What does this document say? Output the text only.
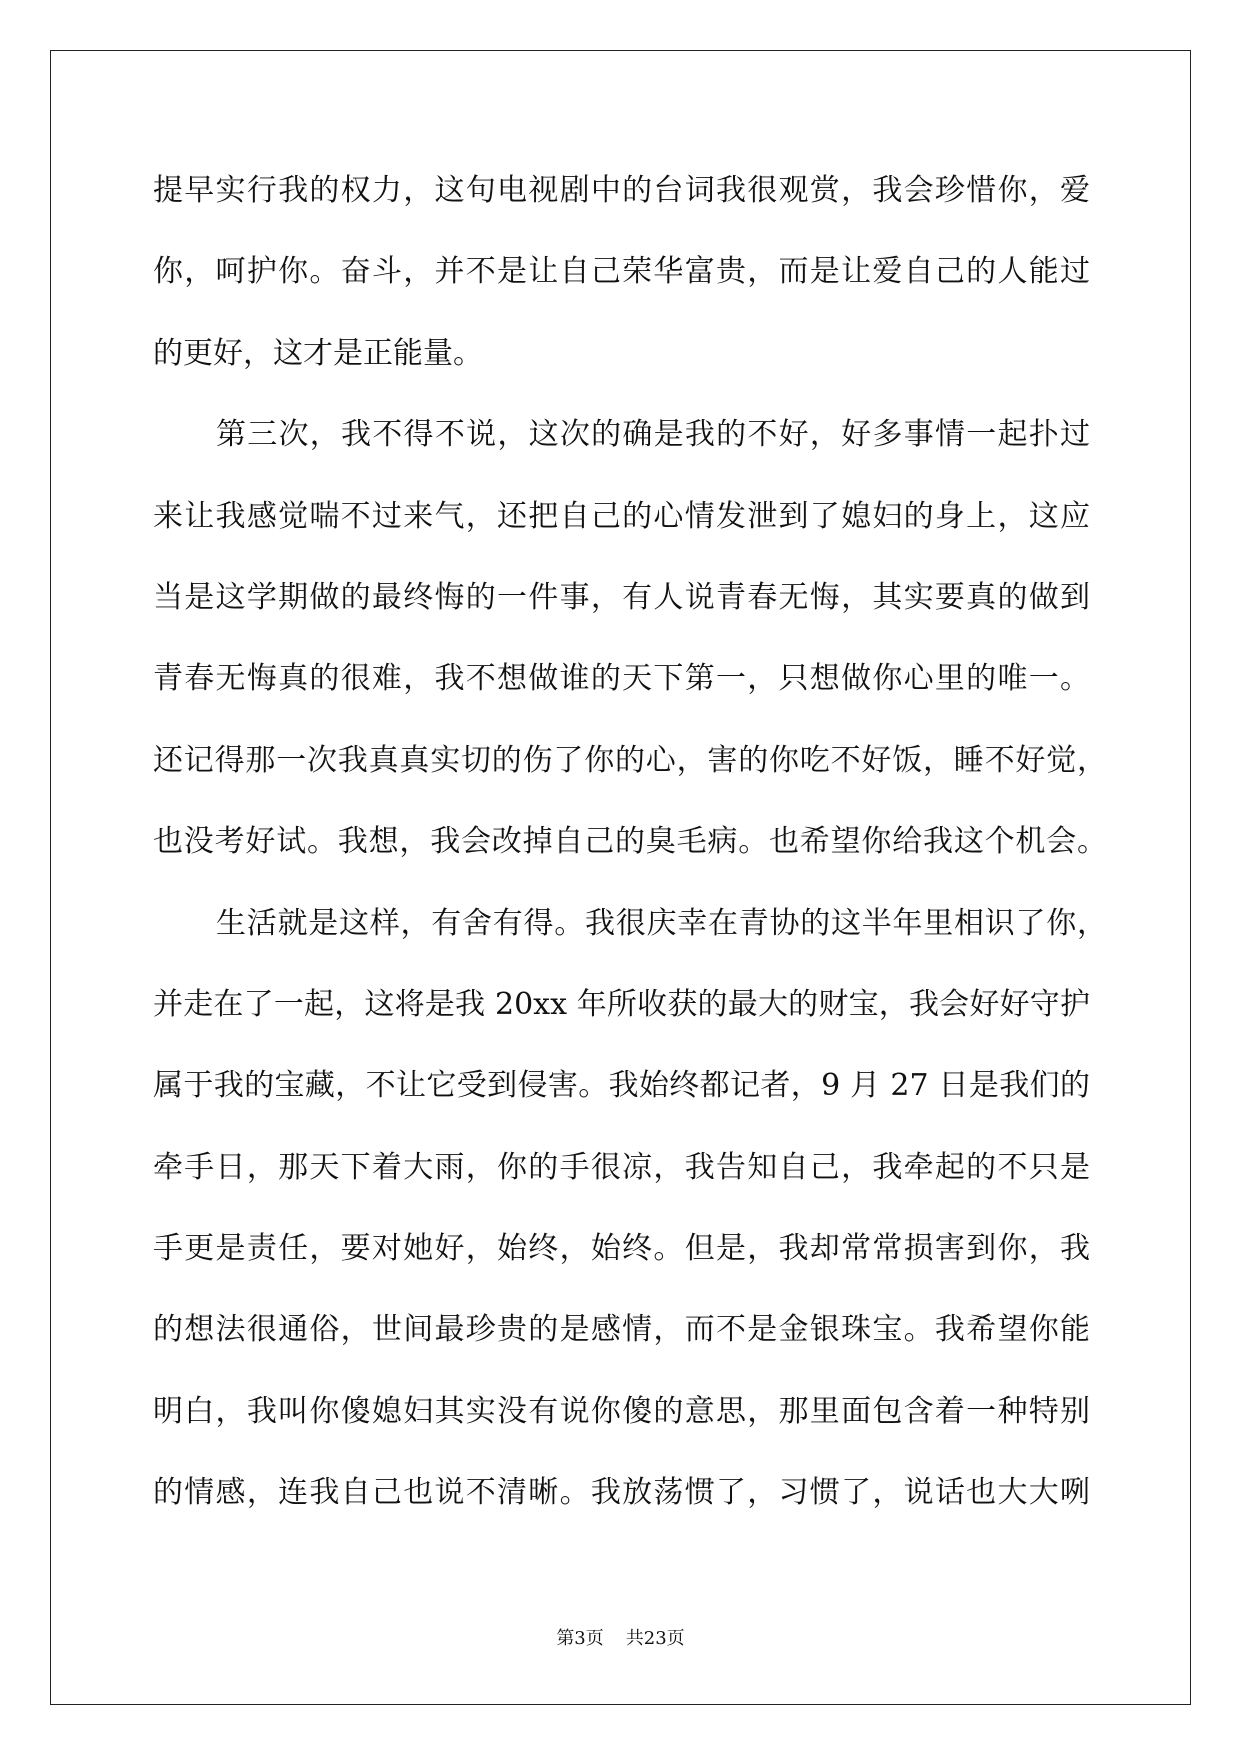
提早实行我的权力，这句电视剧中的台词我很观赏，我会珍惜你，爱
你，呵护你。奋斗，并不是让自己荣华富贵，而是让爱自己的人能过
的更好，这才是正能量。
第三次，我不得不说，这次的确是我的不好，好多事情一起扑过
来让我感觉喘不过来气，还把自己的心情发泄到了媳妇的身上，这应
当是这学期做的最终悔的一件事，有人说青春无悔，其实要真的做到
青春无悔真的很难，我不想做谁的天下第一，只想做你心里的唯一。
还记得那一次我真真实切的伤了你的心，害的你吃不好饭，睡不好觉，
也没考好试。我想，我会改掉自己的臭毛病。也希望你给我这个机会。
生活就是这样，有舍有得。我很庆幸在青协的这半年里相识了你，
并走在了一起，这将是我 20xx 年所收获的最大的财宝，我会好好守护
属于我的宝藏，不让它受到侵害。我始终都记者，9 月 27 日是我们的
牵手日，那天下着大雨，你的手很凉，我告知自己，我牵起的不只是
手更是责任，要对她好，始终，始终。但是，我却常常损害到你，我
的想法很通俗，世间最珍贵的是感情，而不是金银珠宝。我希望你能
明白，我叫你傻媳妇其实没有说你傻的意思，那里面包含着一种特别
的情感，连我自己也说不清晰。我放荡惯了，习惯了，说话也大大咧
第3页 共23页
